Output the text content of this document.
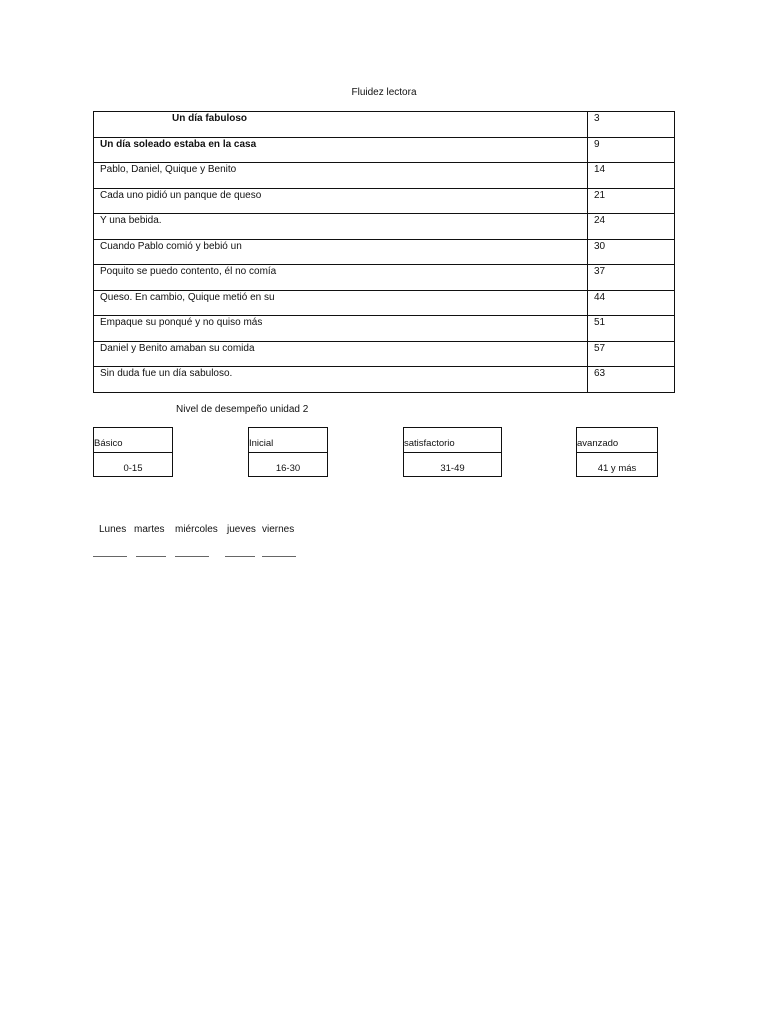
Fluidez lectora
Un día fabuloso	3
Un día soleado estaba en la casa	9
Pablo, Daniel, Quique y Benito	14
Cada uno pidió un panque de queso	21
Y una bebida.	24
Cuando Pablo comió y bebió un	30
Poquito se puedo contento, él no comía	37
Queso. En cambio, Quique metió en su	44
Empaque su ponqué y no quiso más	51
Daniel y Benito amaban su comida	57
Sin duda fue un día sabuloso.	63
Nivel de desempeño unidad 2
Básico
0-15
Inicial
16-30
satisfactorio
31-49
avanzado
41 y más
Lunes martes miércoles jueves viernes
